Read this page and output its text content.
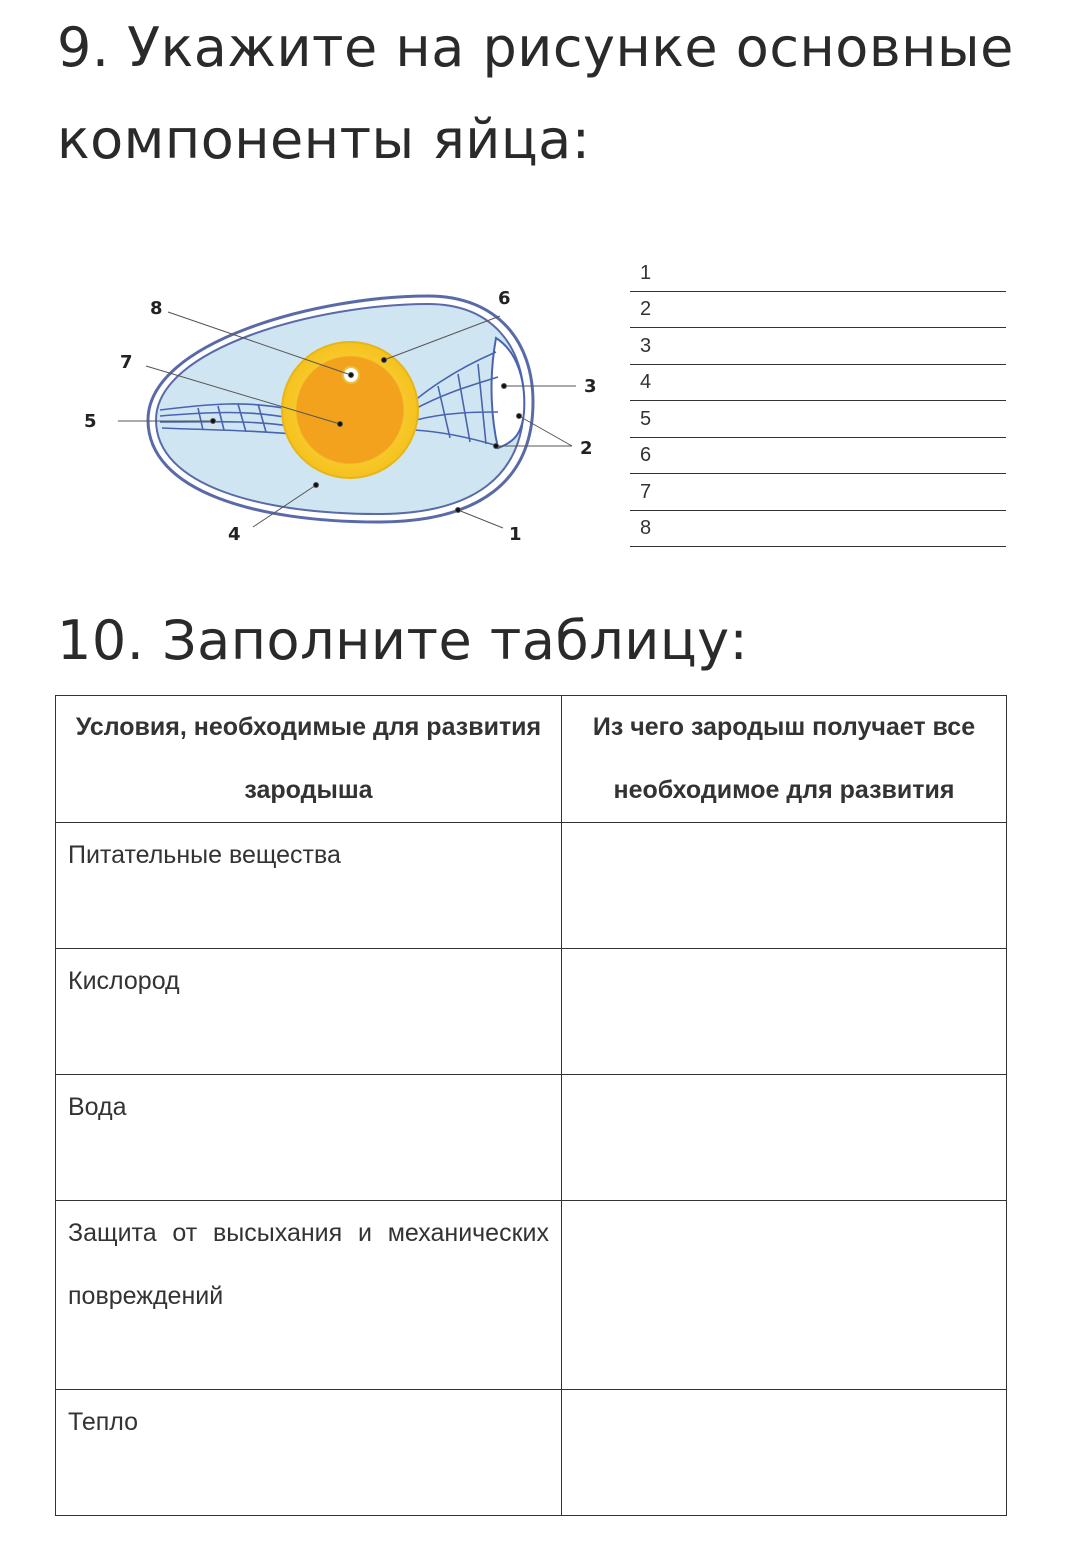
9. Укажите на рисунке основные компоненты яйца:
8
7
5
4
6
3
2
1
1
2
3
4
5
6
7
8
10. Заполните таблицу:
Условия, необходимые для развития зародыша	Из чего зародыш получает все необходимое для развития
Питательные вещества	
Кислород	
Вода	
Защита от высыхания и механических повреждений	
Тепло	
